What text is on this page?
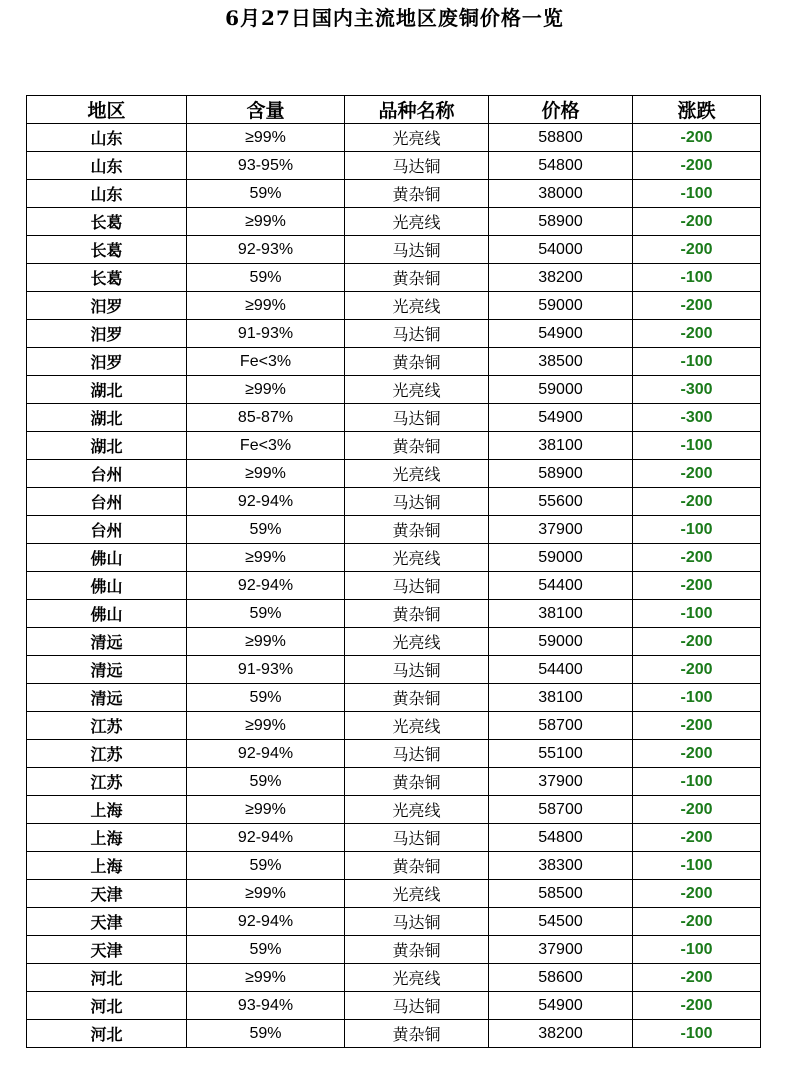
6月27日国内主流地区废铜价格一览
地区	含量	品种名称	价格	涨跌
山东	≥99%	光亮线	58800	-200
山东	93-95%	马达铜	54800	-200
山东	59%	黄杂铜	38000	-100
长葛	≥99%	光亮线	58900	-200
长葛	92-93%	马达铜	54000	-200
长葛	59%	黄杂铜	38200	-100
汨罗	≥99%	光亮线	59000	-200
汨罗	91-93%	马达铜	54900	-200
汨罗	Fe<3%	黄杂铜	38500	-100
湖北	≥99%	光亮线	59000	-300
湖北	85-87%	马达铜	54900	-300
湖北	Fe<3%	黄杂铜	38100	-100
台州	≥99%	光亮线	58900	-200
台州	92-94%	马达铜	55600	-200
台州	59%	黄杂铜	37900	-100
佛山	≥99%	光亮线	59000	-200
佛山	92-94%	马达铜	54400	-200
佛山	59%	黄杂铜	38100	-100
清远	≥99%	光亮线	59000	-200
清远	91-93%	马达铜	54400	-200
清远	59%	黄杂铜	38100	-100
江苏	≥99%	光亮线	58700	-200
江苏	92-94%	马达铜	55100	-200
江苏	59%	黄杂铜	37900	-100
上海	≥99%	光亮线	58700	-200
上海	92-94%	马达铜	54800	-200
上海	59%	黄杂铜	38300	-100
天津	≥99%	光亮线	58500	-200
天津	92-94%	马达铜	54500	-200
天津	59%	黄杂铜	37900	-100
河北	≥99%	光亮线	58600	-200
河北	93-94%	马达铜	54900	-200
河北	59%	黄杂铜	38200	-100
